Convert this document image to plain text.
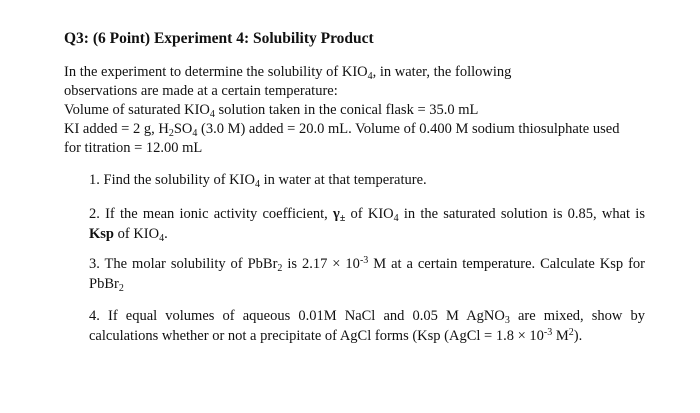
Q3: (6 Point) Experiment 4: Solubility Product
In the experiment to determine the solubility of $KIO_4$, in water, the following
observations are made at a certain temperature:
Volume of saturated $KIO_4$ solution taken in the conical flask = 35.0 mL
KI added = 2 g, $H_2SO_4$ (3.0 M) added = 20.0 mL. Volume of 0.400 M sodium thiosulphate used
for titration = 12.00 mL
1. Find the solubility of $KIO_4$ in water at that temperature.
2. If the mean ionic activity coefficient, $\gamma_\pm$ of $KIO_4$ in the saturated solution is 0.85, what is
Ksp of $KIO_4$.
3. The molar solubility of PbBr$_2$ is $2.17 \times 10^{-3}$ M at a certain temperature. Calculate Ksp for
PbBr$_2$
4. If equal volumes of aqueous 0.01M NaCl and 0.05 M AgNO$_3$ are mixed, show by
calculations whether or not a precipitate of AgCl forms (Ksp (AgCl = $1.8 \times 10^{-3}$ $M^2$).
